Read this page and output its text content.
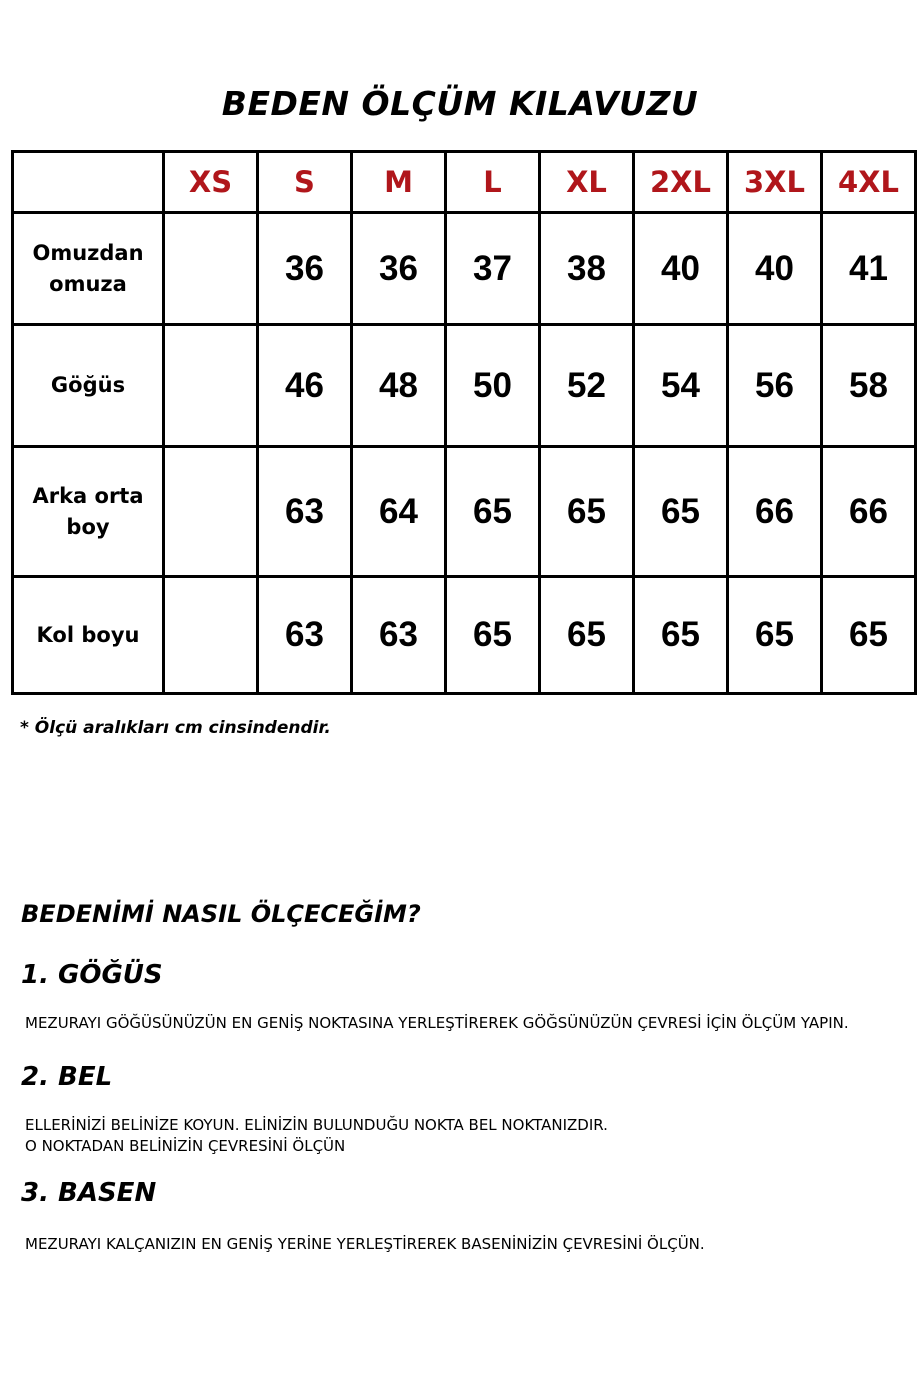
BEDEN ÖLÇÜM KILAVUZU
	XS	S	M	L	XL	2XL	3XL	4XL
Omuzdan
omuza		36	36	37	38	40	40	41
Göğüs		46	48	50	52	54	56	58
Arka orta
boy		63	64	65	65	65	66	66
Kol boyu		63	63	65	65	65	65	65

* Ölçü aralıkları cm cinsindendir.

BEDENİMİ NASIL ÖLÇECEĞİM?
1. GÖĞÜS

MEZURAYI GÖĞÜSÜNÜZÜN EN GENİŞ NOKTASINA YERLEŞTİREREK GÖĞSÜNÜZÜN ÇEVRESİ İÇİN ÖLÇÜM YAPIN.

2. BEL

ELLERİNİZİ BELİNİZE KOYUN. ELİNİZİN BULUNDUĞU NOKTA BEL NOKTANIZDIR.

O NOKTADAN BELİNİZİN ÇEVRESİNİ ÖLÇÜN

3. BASEN

MEZURAYI KALÇANIZIN EN GENİŞ YERİNE YERLEŞTİREREK BASENİNİZİN ÇEVRESİNİ ÖLÇÜN.
